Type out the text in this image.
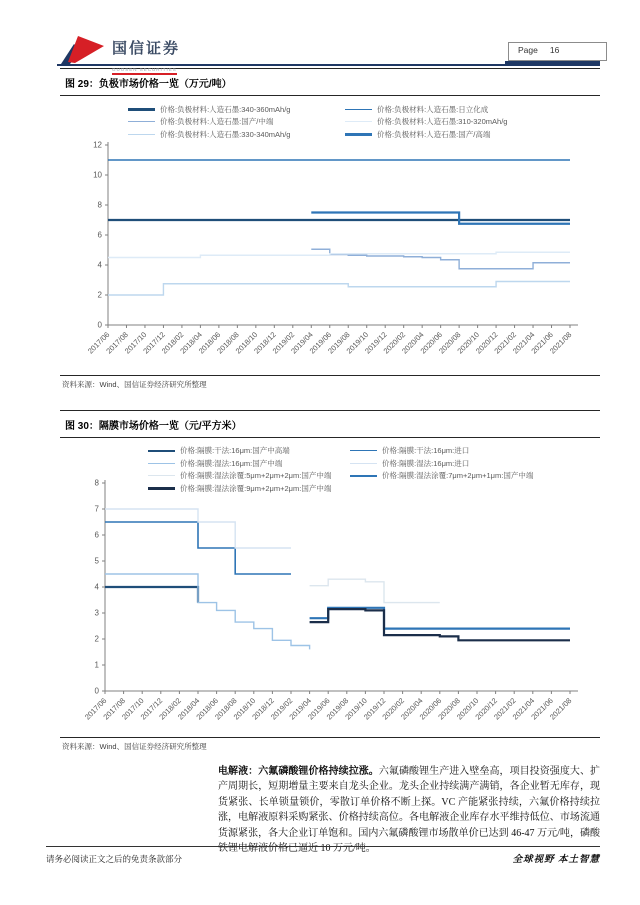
国信证券
GUOSEN SECURITIES
Page 16
图 29：负极市场价格一览（万元/吨）
价格:负极材料:人造石墨:340-360mAh/g
价格:负极材料:人造石墨:国产/中端
价格:负极材料:人造石墨:330-340mAh/g
价格:负极材料:人造石墨:日立化成
价格:负极材料:人造石墨:310-320mAh/g
价格:负极材料:人造石墨:国产/高端
0
2
4
6
8
10
12
2017/06
2017/08
2017/10
2017/12
2018/02
2018/04
2018/06
2018/08
2018/10
2018/12
2019/02
2019/04
2019/06
2019/08
2019/10
2019/12
2020/02
2020/04
2020/06
2020/08
2020/10
2020/12
2021/02
2021/04
2021/06
2021/08
资料来源：Wind、国信证券经济研究所整理
图 30：隔膜市场价格一览（元/平方米）
价格:隔膜:干法:16μm:国产中高端
价格:隔膜:湿法:16μm:国产中端
价格:隔膜:湿法涂覆:5μm+2μm+2μm:国产中端
价格:隔膜:湿法涂覆:9μm+2μm+2μm:国产中端
价格:隔膜:干法:16μm:进口
价格:隔膜:湿法:16μm:进口
价格:隔膜:湿法涂覆:7μm+2μm+1μm:国产中端
0
1
2
3
4
5
6
7
8
2017/06
2017/08
2017/10
2017/12
2018/02
2018/04
2018/06
2018/08
2018/10
2018/12
2019/02
2019/04
2019/06
2019/08
2019/10
2019/12
2020/02
2020/04
2020/06
2020/08
2020/10
2020/12
2021/02
2021/04
2021/06
2021/08
资料来源：Wind、国信证券经济研究所整理

电解液：六氟磷酸锂价格持续拉涨。六氟磷酸锂生产进入壁垒高，项目投资强度大、扩产周期长，短期增量主要来自龙头企业。龙头企业持续满产满销，各企业暂无库存，现货紧张、长单锁量锁价，零散订单价格不断上探。VC 产能紧张持续，六氟价格持续拉涨，电解液原料采购紧张、价格持续高位。各电解液企业库存水平维持低位、市场流通货源紧张，各大企业订单饱和。国内六氟磷酸锂市场散单价已达到 46-47 万元/吨，磷酸铁锂电解液价格已逼近 10 万元/吨。

请务必阅读正文之后的免责条款部分	全球视野 本土智慧
